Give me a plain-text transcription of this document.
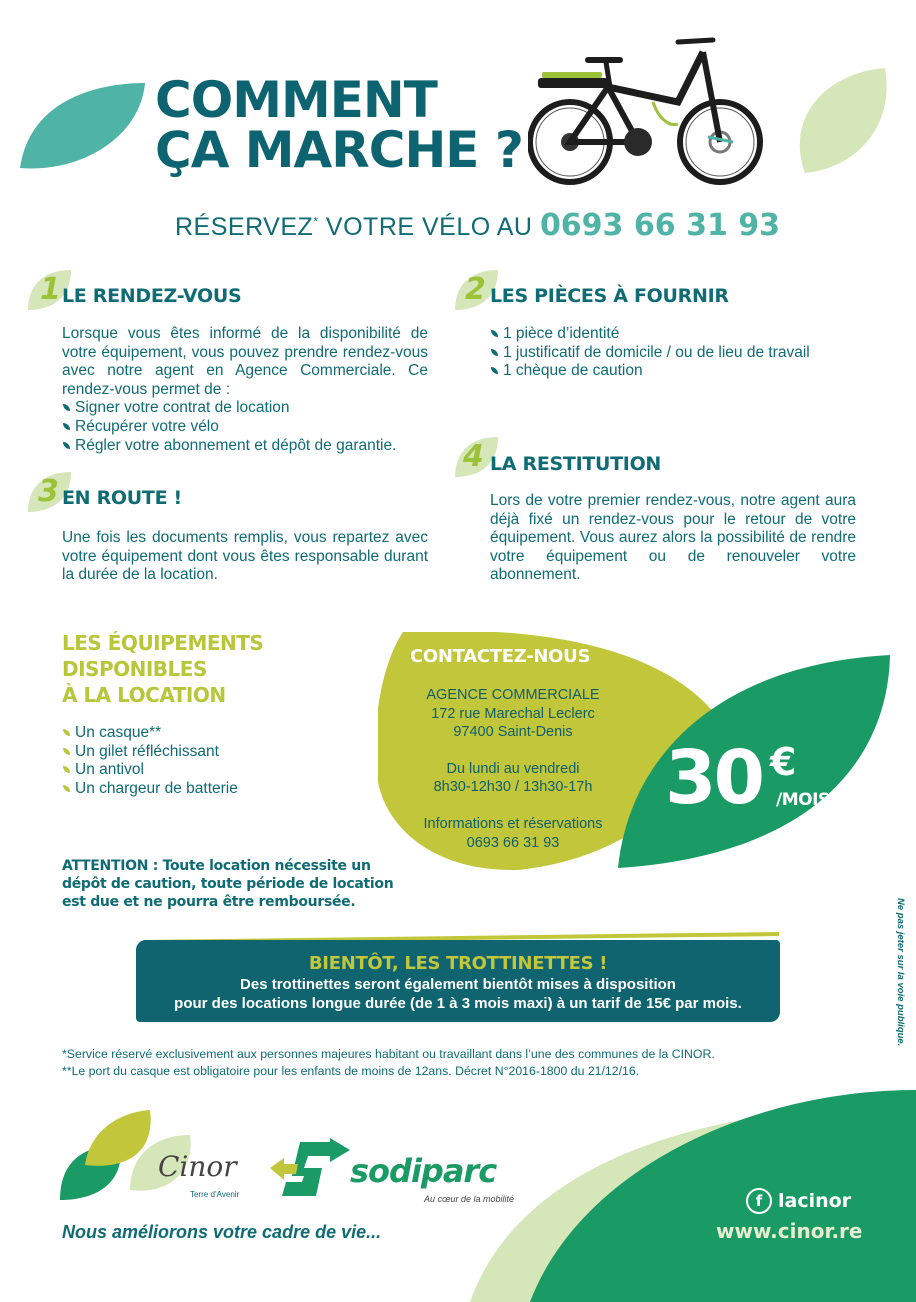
COMMENT
ÇA MARCHE ?
RÉSERVEZ* VOTRE VÉLO AU 0693 66 31 93
1 LE RENDEZ-VOUS
Lorsque vous êtes informé de la disponibilité de votre équipement, vous pouvez prendre rendez-vous avec notre agent en Agence Commerciale. Ce rendez-vous permet de :
Signer votre contrat de location
Récupérer votre vélo
Régler votre abonnement et dépôt de garantie.
2 LES PIÈCES À FOURNIR
1 pièce d’identité
1 justificatif de domicile / ou de lieu de travail
1 chèque de caution
4 LA RESTITUTION
Lors de votre premier rendez-vous, notre agent aura déjà fixé un rendez-vous pour le retour de votre équipement. Vous aurez alors la possibilité de rendre votre équipement ou de renouveler votre abonnement.
3 EN ROUTE !
Une fois les documents remplis, vous repartez avec votre équipement dont vous êtes responsable durant la durée de la location.
LES ÉQUIPEMENTS
DISPONIBLES
À LA LOCATION
Un casque**
Un gilet réfléchissant
Un antivol
Un chargeur de batterie
ATTENTION : Toute location nécessite un dépôt de caution, toute période de location est due et ne pourra être remboursée.
CONTACTEZ-NOUS
AGENCE COMMERCIALE
172 rue Marechal Leclerc
97400 Saint-Denis
Du lundi au vendredi
8h30-12h30 / 13h30-17h
Informations et réservations
0693 66 31 93
30 €
/MOIS
BIENTÔT, LES TROTTINETTES !
Des trottinettes seront également bientôt mises à disposition
pour des locations longue durée (de 1 à 3 mois maxi) à un tarif de 15€ par mois.
*Service réservé exclusivement aux personnes majeures habitant ou travaillant dans l’une des communes de la CINOR.
**Le port du casque est obligatoire pour les enfants de moins de 12ans. Décret N°2016-1800 du 21/12/16.
Ne pas jeter sur la voie publique.
Cinor
Terre d’Avenir
sodiparc
Au cœur de la mobilité
Nous améliorons votre cadre de vie...
f lacinor
www.cinor.re
